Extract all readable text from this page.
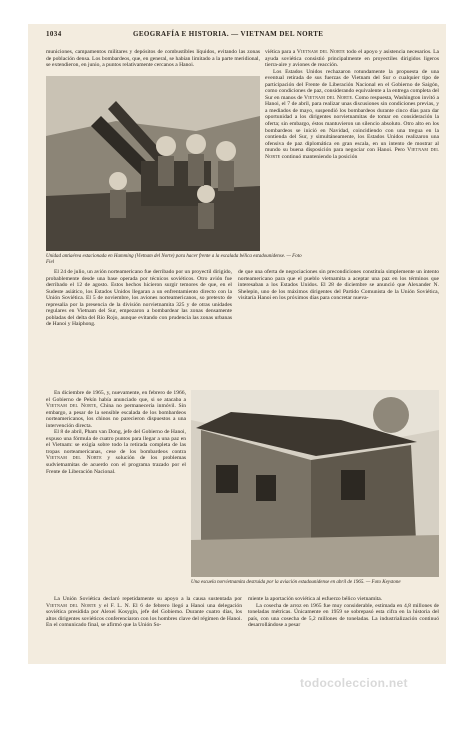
1034	GEOGRAFÍA E HISTORIA. — VIETNAM DEL NORTE

municiones, campamentos militares y depósitos de combustibles líquidos, evitando las zonas de población densa. Los bombardeos, que, en general, se habían limitado a la parte meridional, se extendieron, en junio, a puntos relativamente cercanos a Hanoi.

Unidad antiaérea estacionada en Hamming (Vietnam del Norte) para hacer frente a la escalada bélica estadounidense. — Foto Fiel

viética para a Vietnam del Norte todo el apoyo y asistencia necesarios. La ayuda soviética consistió principalmente en proyectiles dirigidos ligeros tierra-aire y aviones de reacción.

Los Estados Unidos rechazaron rotundamente la propuesta de una eventual retirada de sus fuerzas de Vietnam del Sur o cualquier tipo de participación del Frente de Liberación Nacional en el Gobierno de Saigón, como condiciones de paz, considerando equivalente a la entrega completa del Sur en manos de Vietnam del Norte. Como respuesta, Washington invitó a Hanoi, el 7 de abril, para realizar unas discusiones sin condiciones previas, y a mediados de mayo, suspendió los bombardeos durante cinco días para dar oportunidad a los dirigentes norvietnamitas de tomar en consideración la oferta; sin embargo, éstos mantuvieron un silencio absoluto. Otro alto en los bombardeos se inició en Navidad, coincidiendo con una tregua en la contienda del Sur, y simultáneamente, los Estados Unidos realizaron una ofensiva de paz diplomática en gran escala, en un intento de mostrar al mundo su buena disposición para negociar con Hanoi. Pero Vietnam del Norte continuó manteniendo la posición

El 24 de julio, un avión norteamericano fue derribado por un proyectil dirigido, probablemente desde una base operada por técnicos soviéticos. Otro avión fue derribado el 12 de agosto. Estos hechos hicieron surgir temores de que, en el Sudeste asiático, los Estados Unidos llegaran a un enfrentamiento directo con la Unión Soviética. El 5 de noviembre, los aviones norteamericanos, so pretexto de represalia por la presencia de la división norvietnamita 325 y de otras unidades regulares en Vietnam del Sur, empezaron a bombardear las zonas densamente pobladas del delta del Río Rojo, aunque evitando con prudencia las zonas urbanas de Hanoi y Haiphong.

de que una oferta de negociaciones sin precondiciones constituía simplemente un intento norteamericano para que el pueblo vietnamita a aceptar una paz en los términos que interesaban a los Estados Unidos. El 28 de diciembre se anunció que Alexander N. Shelepin, uno de los máximos dirigentes del Partido Comunista de la Unión Soviética, visitaría Hanoi en los próximos días para concretar nueva-

En diciembre de 1965, y, nuevamente, en febrero de 1966, el Gobierno de Pekín había anunciado que, si se atacaba a Vietnam del Norte, China no permanecería inmóvil. Sin embargo, a pesar de la sensible escalada de los bombardeos norteamericanos, los chinos no parecieron dispuestos a una intervención directa.

El 8 de abril, Pham van Dong, jefe del Gobierno de Hanoi, expuso una fórmula de cuatro puntos para llegar a una paz en el Vietnam: se exigía sobre todo la retirada completa de las tropas norteamericanas, cese de los bombardeos contra Vietnam del Norte y solución de los problemas sudvietnamitas de acuerdo con el programa trazado por el Frente de Liberación Nacional.

Una escuela norvietnamita destruida por la aviación estadounidense en abril de 1965. — Foto Keystone

La Unión Soviética declaró repetidamente su apoyo a la causa sustentada por Vietnam del Norte y el F. L. N. El 6 de febrero llegó a Hanoi una delegación soviética presidida por Alexei Kosygin, jefe del Gobierno. Durante cuatro días, los altos dirigentes soviéticos conferenciaron con los hombres clave del régimen de Hanoi. En el comunicado final, se afirmó que la Unión So-

miente la aportación soviética al esfuerzo bélico vietnamita.

La cosecha de arroz en 1965 fue muy considerable, estimada en 4,8 millones de toneladas métricas. Únicamente en 1959 se sobrepasó esta cifra en la historia del país, con una cosecha de 5,2 millones de toneladas. La industrialización continuó desarrollándose a pesar

todocoleccion.net
